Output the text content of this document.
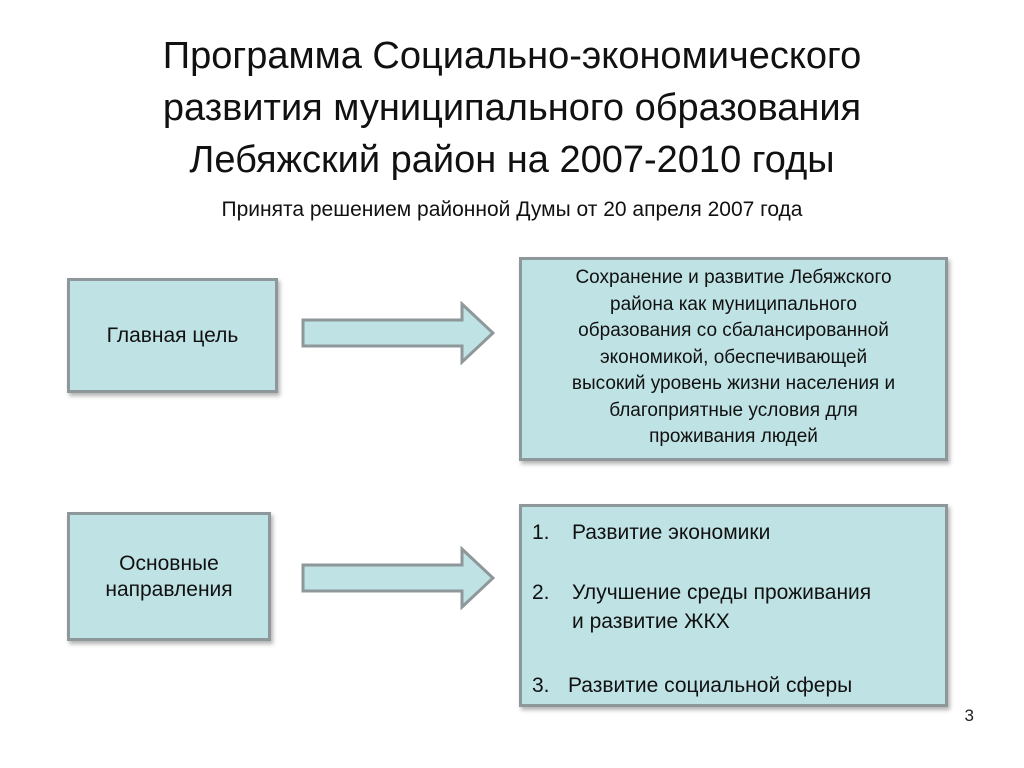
Программа Социально-экономического
развития муниципального образования
Лебяжский район на 2007-2010 годы
Принята решением районной Думы от 20 апреля 2007 года
Главная цель
Сохранение и развитие Лебяжского
района как муниципального
образования со сбалансированной
экономикой, обеспечивающей
высокий уровень жизни населения и
благоприятные условия для
проживания людей
Основные
направления
1. Развитие экономики
2. Улучшение среды проживания
и развитие ЖКХ
3. Развитие социальной сферы
3
